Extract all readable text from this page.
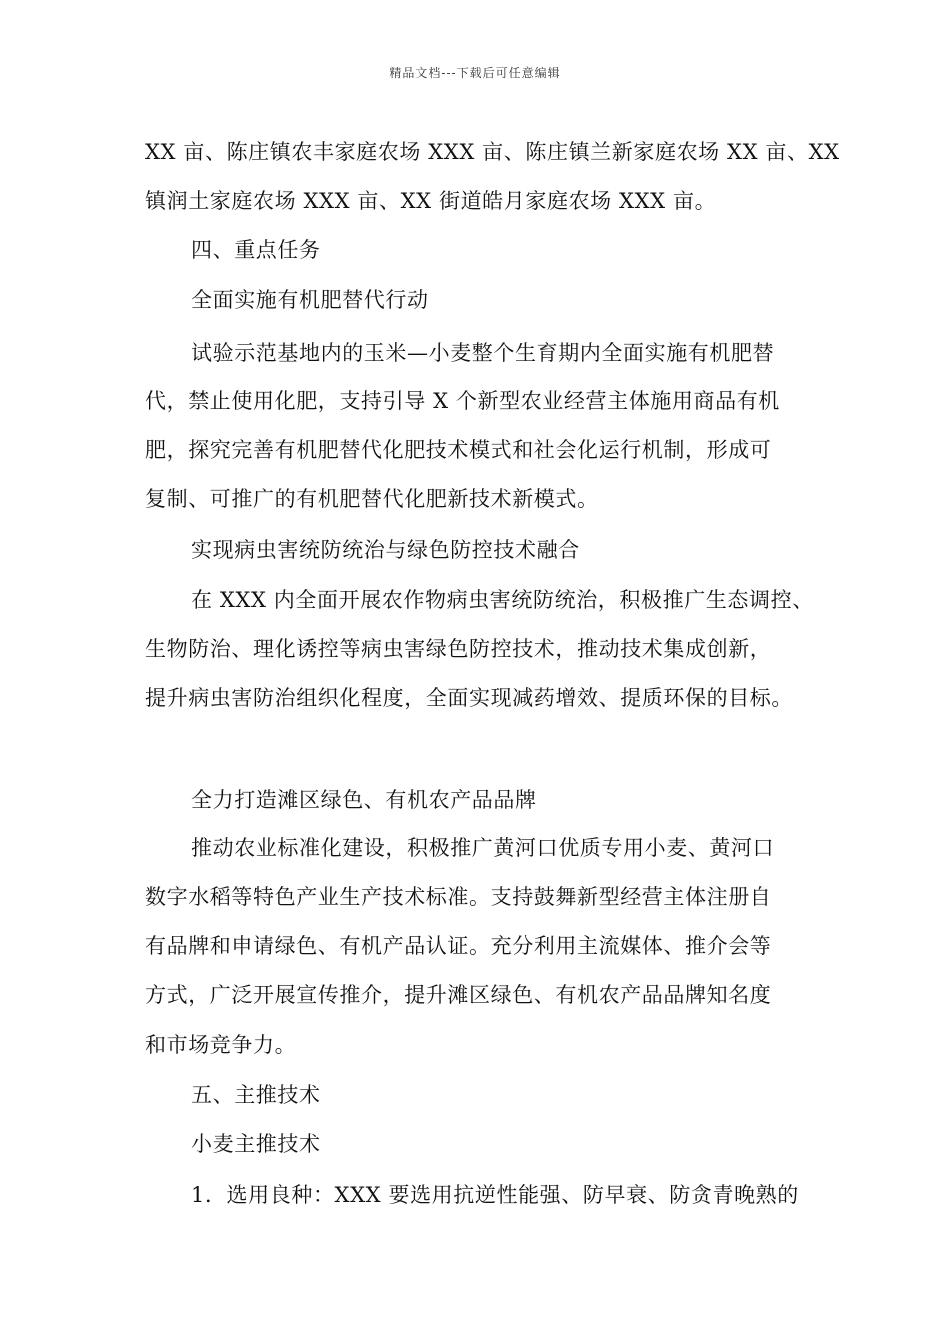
精品文档---下载后可任意编辑
XX 亩、陈庄镇农丰家庭农场 XXX 亩、陈庄镇兰新家庭农场 XX 亩、XX
镇润土家庭农场 XXX 亩、XX 街道皓月家庭农场 XXX 亩。
四、重点任务
全面实施有机肥替代行动
试验示范基地内的玉米—小麦整个生育期内全面实施有机肥替
代，禁止使用化肥，支持引导 X 个新型农业经营主体施用商品有机
肥，探究完善有机肥替代化肥技术模式和社会化运行机制，形成可
复制、可推广的有机肥替代化肥新技术新模式。
实现病虫害统防统治与绿色防控技术融合
在 XXX 内全面开展农作物病虫害统防统治，积极推广生态调控、
生物防治、理化诱控等病虫害绿色防控技术，推动技术集成创新，
提升病虫害防治组织化程度，全面实现减药增效、提质环保的目标。
全力打造滩区绿色、有机农产品品牌
推动农业标准化建设，积极推广黄河口优质专用小麦、黄河口
数字水稻等特色产业生产技术标准。支持鼓舞新型经营主体注册自
有品牌和申请绿色、有机产品认证。充分利用主流媒体、推介会等
方式，广泛开展宣传推介，提升滩区绿色、有机农产品品牌知名度
和市场竞争力。
五、主推技术
小麦主推技术
1．选用良种：XXX 要选用抗逆性能强、防早衰、防贪青晚熟的
